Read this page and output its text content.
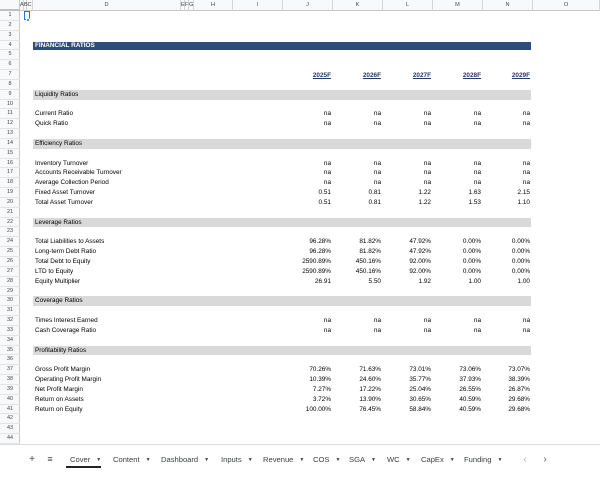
A B C	D	E F G	H	I	J	K	L	M	N	O
1
2
3
4
5
6
7
8
9
10
11
12
13
14
15
16
17
18
19
20
21
22
23
24
25
26
27
28
29
30
31
32
33
34
35
36
37
38
39
40
41
42
43
44
FINANCIAL RATIOS
2025F	2026F	2027F	2028F	2029F
Liquidity Ratios
Current Ratio	na	na	na	na	na
Quick Ratio	na	na	na	na	na
Efficiency Ratios
Inventory Turnover	na	na	na	na	na
Accounts Receivable Turnover	na	na	na	na	na
Average Collection Period	na	na	na	na	na
Fixed Asset Turnover	0.51	0.81	1.22	1.63	2.15
Total Asset Turnover	0.51	0.81	1.22	1.53	1.10
Leverage Ratios
Total Liabilities to Assets	96.28%	81.82%	47.92%	0.00%	0.00%
Long-term Debt Ratio	96.28%	81.82%	47.92%	0.00%	0.00%
Total Debt to Equity	2590.89%	450.16%	92.00%	0.00%	0.00%
LTD to Equity	2590.89%	450.16%	92.00%	0.00%	0.00%
Equity Multiplier	26.91	5.50	1.92	1.00	1.00
Coverage Ratios
Times Interest Earned	na	na	na	na	na
Cash Coverage Ratio	na	na	na	na	na
Profitability Ratios
Gross Profit Margin	70.26%	71.63%	73.01%	73.06%	73.07%
Operating Profit Margin	10.39%	24.60%	35.77%	37.93%	38.39%
Net Profit Margin	7.27%	17.22%	25.04%	26.55%	26.87%
Return on Assets	3.72%	13.90%	30.65%	40.59%	29.68%
Return on Equity	100.00%	76.45%	58.84%	40.59%	29.68%
+	≡	‹	›
Cover ▼	Content ▼	Dashboard ▼	Inputs ▼	Revenue ▼	COS ▼	SGA ▼	WC ▼	CapEx ▼	Funding ▼
